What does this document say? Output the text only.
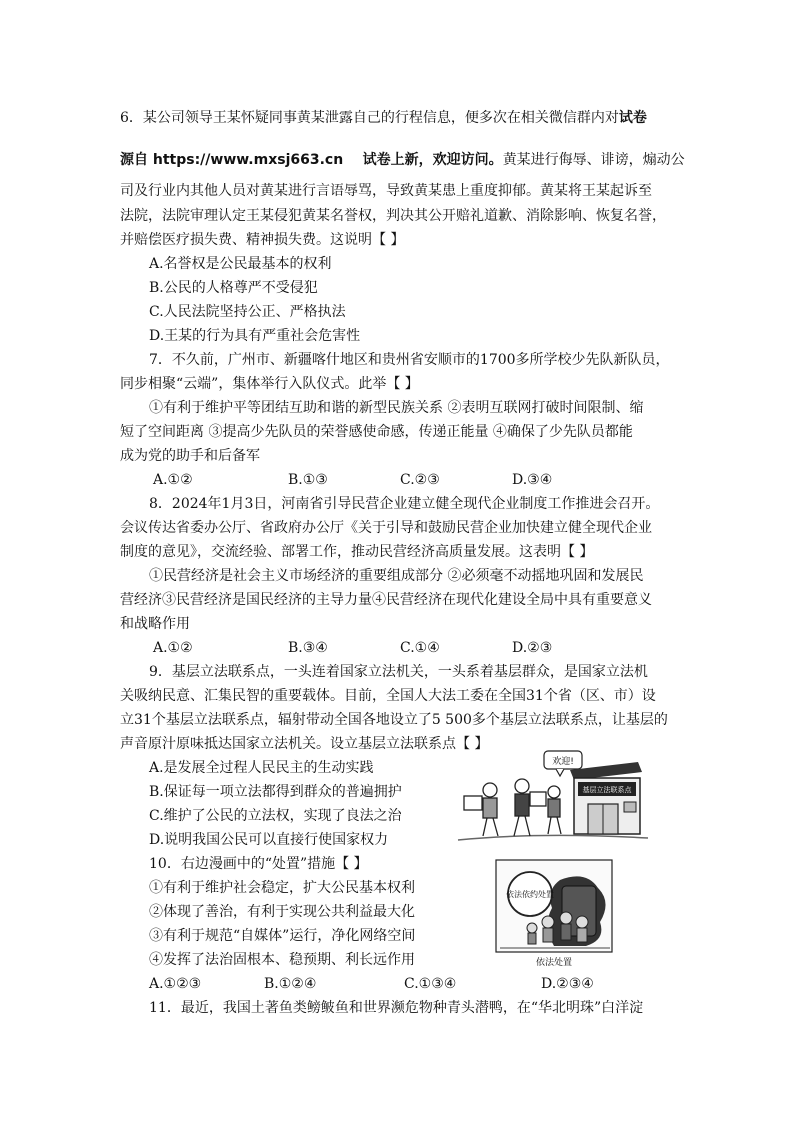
6．某公司领导王某怀疑同事黄某泄露自己的行程信息，便多次在相关微信群内对试卷
源自 https://www.mxsj663.cn    试卷上新，欢迎访问。黄某进行侮辱、诽谤，煽动公
司及行业内其他人员对黄某进行言语辱骂，导致黄某患上重度抑郁。黄某将王某起诉至
法院，法院审理认定王某侵犯黄某名誉权，判决其公开赔礼道歉、消除影响、恢复名誉，
并赔偿医疗损失费、精神损失费。这说明【 】
A.名誉权是公民最基本的权利
B.公民的人格尊严不受侵犯
C.人民法院坚持公正、严格执法
D.王某的行为具有严重社会危害性
7．不久前，广州市、新疆喀什地区和贵州省安顺市的1700多所学校少先队新队员，
同步相聚“云端”，集体举行入队仪式。此举【 】
①有利于维护平等团结互助和谐的新型民族关系 ②表明互联网打破时间限制、缩
短了空间距离 ③提高少先队员的荣誉感使命感，传递正能量 ④确保了少先队员都能
成为党的助手和后备军
A.①②	B.①③	C.②③	D.③④
8．2024年1月3日，河南省引导民营企业建立健全现代企业制度工作推进会召开。
会议传达省委办公厅、省政府办公厅《关于引导和鼓励民营企业加快建立健全现代企业
制度的意见》，交流经验、部署工作，推动民营经济高质量发展。这表明【 】
①民营经济是社会主义市场经济的重要组成部分 ②必须毫不动摇地巩固和发展民
营经济③民营经济是国民经济的主导力量④民营经济在现代化建设全局中具有重要意义
和战略作用
A.①②	B.③④	C.①④	D.②③
9．基层立法联系点，一头连着国家立法机关，一头系着基层群众，是国家立法机
关吸纳民意、汇集民智的重要载体。目前，全国人大法工委在全国31个省（区、市）设
立31个基层立法联系点，辐射带动全国各地设立了5 500多个基层立法联系点，让基层的
声音原汁原味抵达国家立法机关。设立基层立法联系点【 】
A.是发展全过程人民民主的生动实践
B.保证每一项立法都得到群众的普遍拥护
C.维护了公民的立法权，实现了良法之治
D.说明我国公民可以直接行使国家权力
欢迎!
基层立法联系点
10．右边漫画中的“处置”措施【 】
①有利于维护社会稳定，扩大公民基本权利
②体现了善治，有利于实现公共利益最大化
③有利于规范“自媒体”运行，净化网络空间
④发挥了法治固根本、稳预期、利长远作用
A.①②③	B.①②④	C.①③④	D.②③④
依法依约处置
依法处置
11．最近，我国土著鱼类鳑鲏鱼和世界濒危物种青头潜鸭，在“华北明珠”白洋淀
